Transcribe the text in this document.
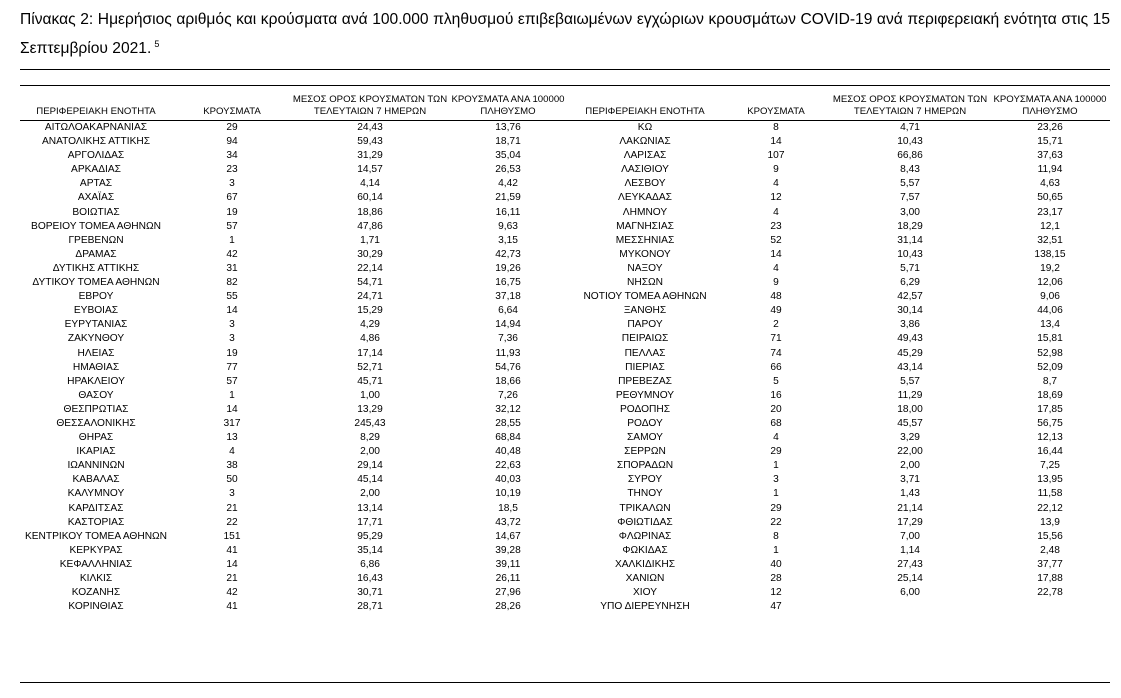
Πίνακας 2: Ημερήσιος αριθμός και κρούσματα ανά 100.000 πληθυσμού επιβεβαιωμένων εγχώριων κρουσμάτων COVID-19 ανά περιφερειακή ενότητα στις 15 Σεπτεμβρίου 2021. $^5$
ΠΕΡΙΦΕΡΕΙΑΚΗ ΕΝΟΤΗΤΑ	ΚΡΟΥΣΜΑΤΑ	ΜΕΣΟΣ ΟΡΟΣ ΚΡΟΥΣΜΑΤΩΝ ΤΩΝ ΤΕΛΕΥΤΑΙΩΝ 7 ΗΜΕΡΩΝ	ΚΡΟΥΣΜΑΤΑ ΑΝΑ 100000 ΠΛΗΘΥΣΜΟ	ΠΕΡΙΦΕΡΕΙΑΚΗ ΕΝΟΤΗΤΑ	ΚΡΟΥΣΜΑΤΑ	ΜΕΣΟΣ ΟΡΟΣ ΚΡΟΥΣΜΑΤΩΝ ΤΩΝ ΤΕΛΕΥΤΑΙΩΝ 7 ΗΜΕΡΩΝ	ΚΡΟΥΣΜΑΤΑ ΑΝΑ 100000 ΠΛΗΘΥΣΜΟ
ΑΙΤΩΛΟΑΚΑΡΝΑΝΙΑΣ	29	24,43	13,76	ΚΩ	8	4,71	23,26
ΑΝΑΤΟΛΙΚΗΣ ΑΤΤΙΚΗΣ	94	59,43	18,71	ΛΑΚΩΝΙΑΣ	14	10,43	15,71
ΑΡΓΟΛΙΔΑΣ	34	31,29	35,04	ΛΑΡΙΣΑΣ	107	66,86	37,63
ΑΡΚΑΔΙΑΣ	23	14,57	26,53	ΛΑΣΙΘΙΟΥ	9	8,43	11,94
ΑΡΤΑΣ	3	4,14	4,42	ΛΕΣΒΟΥ	4	5,57	4,63
ΑΧΑΪΑΣ	67	60,14	21,59	ΛΕΥΚΑΔΑΣ	12	7,57	50,65
ΒΟΙΩΤΙΑΣ	19	18,86	16,11	ΛΗΜΝΟΥ	4	3,00	23,17
ΒΟΡΕΙΟΥ ΤΟΜΕΑ ΑΘΗΝΩΝ	57	47,86	9,63	ΜΑΓΝΗΣΙΑΣ	23	18,29	12,1
ΓΡΕΒΕΝΩΝ	1	1,71	3,15	ΜΕΣΣΗΝΙΑΣ	52	31,14	32,51
ΔΡΑΜΑΣ	42	30,29	42,73	ΜΥΚΟΝΟΥ	14	10,43	138,15
ΔΥΤΙΚΗΣ ΑΤΤΙΚΗΣ	31	22,14	19,26	ΝΑΞΟΥ	4	5,71	19,2
ΔΥΤΙΚΟΥ ΤΟΜΕΑ ΑΘΗΝΩΝ	82	54,71	16,75	ΝΗΣΩΝ	9	6,29	12,06
ΕΒΡΟΥ	55	24,71	37,18	ΝΟΤΙΟΥ ΤΟΜΕΑ ΑΘΗΝΩΝ	48	42,57	9,06
ΕΥΒΟΙΑΣ	14	15,29	6,64	ΞΑΝΘΗΣ	49	30,14	44,06
ΕΥΡΥΤΑΝΙΑΣ	3	4,29	14,94	ΠΑΡΟΥ	2	3,86	13,4
ΖΑΚΥΝΘΟΥ	3	4,86	7,36	ΠΕΙΡΑΙΩΣ	71	49,43	15,81
ΗΛΕΙΑΣ	19	17,14	11,93	ΠΕΛΛΑΣ	74	45,29	52,98
ΗΜΑΘΙΑΣ	77	52,71	54,76	ΠΙΕΡΙΑΣ	66	43,14	52,09
ΗΡΑΚΛΕΙΟΥ	57	45,71	18,66	ΠΡΕΒΕΖΑΣ	5	5,57	8,7
ΘΑΣΟΥ	1	1,00	7,26	ΡΕΘΥΜΝΟΥ	16	11,29	18,69
ΘΕΣΠΡΩΤΙΑΣ	14	13,29	32,12	ΡΟΔΟΠΗΣ	20	18,00	17,85
ΘΕΣΣΑΛΟΝΙΚΗΣ	317	245,43	28,55	ΡΟΔΟΥ	68	45,57	56,75
ΘΗΡΑΣ	13	8,29	68,84	ΣΑΜΟΥ	4	3,29	12,13
ΙΚΑΡΙΑΣ	4	2,00	40,48	ΣΕΡΡΩΝ	29	22,00	16,44
ΙΩΑΝΝΙΝΩΝ	38	29,14	22,63	ΣΠΟΡΑΔΩΝ	1	2,00	7,25
ΚΑΒΑΛΑΣ	50	45,14	40,03	ΣΥΡΟΥ	3	3,71	13,95
ΚΑΛΥΜΝΟΥ	3	2,00	10,19	ΤΗΝΟΥ	1	1,43	11,58
ΚΑΡΔΙΤΣΑΣ	21	13,14	18,5	ΤΡΙΚΑΛΩΝ	29	21,14	22,12
ΚΑΣΤΟΡΙΑΣ	22	17,71	43,72	ΦΘΙΩΤΙΔΑΣ	22	17,29	13,9
ΚΕΝΤΡΙΚΟΥ ΤΟΜΕΑ ΑΘΗΝΩΝ	151	95,29	14,67	ΦΛΩΡΙΝΑΣ	8	7,00	15,56
ΚΕΡΚΥΡΑΣ	41	35,14	39,28	ΦΩΚΙΔΑΣ	1	1,14	2,48
ΚΕΦΑΛΛΗΝΙΑΣ	14	6,86	39,11	ΧΑΛΚΙΔΙΚΗΣ	40	27,43	37,77
ΚΙΛΚΙΣ	21	16,43	26,11	ΧΑΝΙΩΝ	28	25,14	17,88
ΚΟΖΑΝΗΣ	42	30,71	27,96	ΧΙΟΥ	12	6,00	22,78
ΚΟΡΙΝΘΙΑΣ	41	28,71	28,26	ΥΠΟ ΔΙΕΡΕΥΝΗΣΗ	47		
